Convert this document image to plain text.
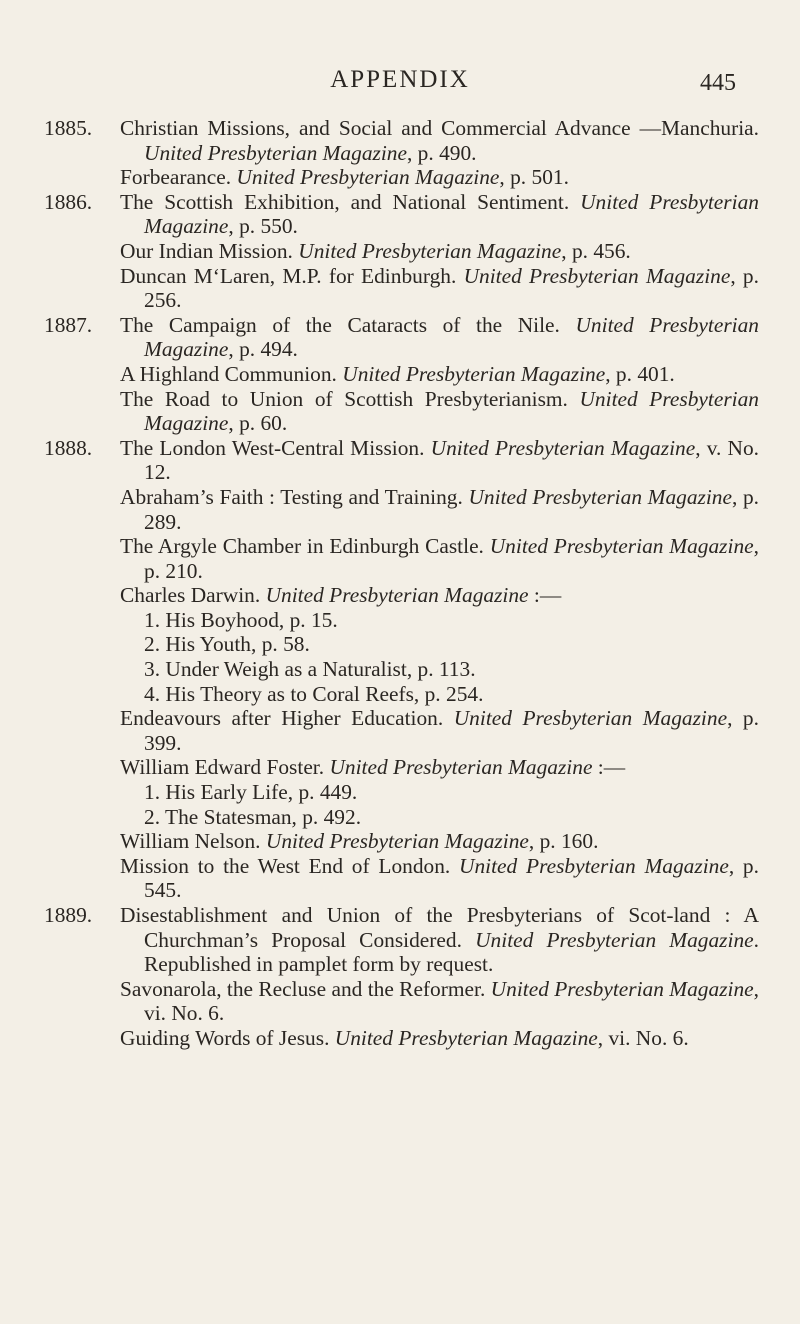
APPENDIX	445
1885. Christian Missions, and Social and Commercial Advance —Manchuria. United Presbyterian Magazine, p. 490.

Forbearance. United Presbyterian Magazine, p. 501.

1886. The Scottish Exhibition, and National Sentiment. United Presbyterian Magazine, p. 550.

Our Indian Mission. United Presbyterian Magazine, p. 456.

Duncan M‘Laren, M.P. for Edinburgh. United Presbyterian Magazine, p. 256.

1887. The Campaign of the Cataracts of the Nile. United Presbyterian Magazine, p. 494.

A Highland Communion. United Presbyterian Magazine, p. 401.

The Road to Union of Scottish Presbyterianism. United Presbyterian Magazine, p. 60.

1888. The London West-Central Mission. United Presbyterian Magazine, v. No. 12.

Abraham’s Faith : Testing and Training. United Presbyterian Magazine, p. 289.

The Argyle Chamber in Edinburgh Castle. United Presbyterian Magazine, p. 210.

Charles Darwin. United Presbyterian Magazine :—

1. His Boyhood, p. 15.

2. His Youth, p. 58.

3. Under Weigh as a Naturalist, p. 113.

4. His Theory as to Coral Reefs, p. 254.

Endeavours after Higher Education. United Presbyterian Magazine, p. 399.

William Edward Foster. United Presbyterian Magazine :—

1. His Early Life, p. 449.

2. The Statesman, p. 492.

William Nelson. United Presbyterian Magazine, p. 160.

Mission to the West End of London. United Presbyterian Magazine, p. 545.

1889. Disestablishment and Union of the Presbyterians of Scot-land : A Churchman’s Proposal Considered. United Presbyterian Magazine. Republished in pamplet form by request.

Savonarola, the Recluse and the Reformer. United Presbyterian Magazine, vi. No. 6.

Guiding Words of Jesus. United Presbyterian Magazine, vi. No. 6.
